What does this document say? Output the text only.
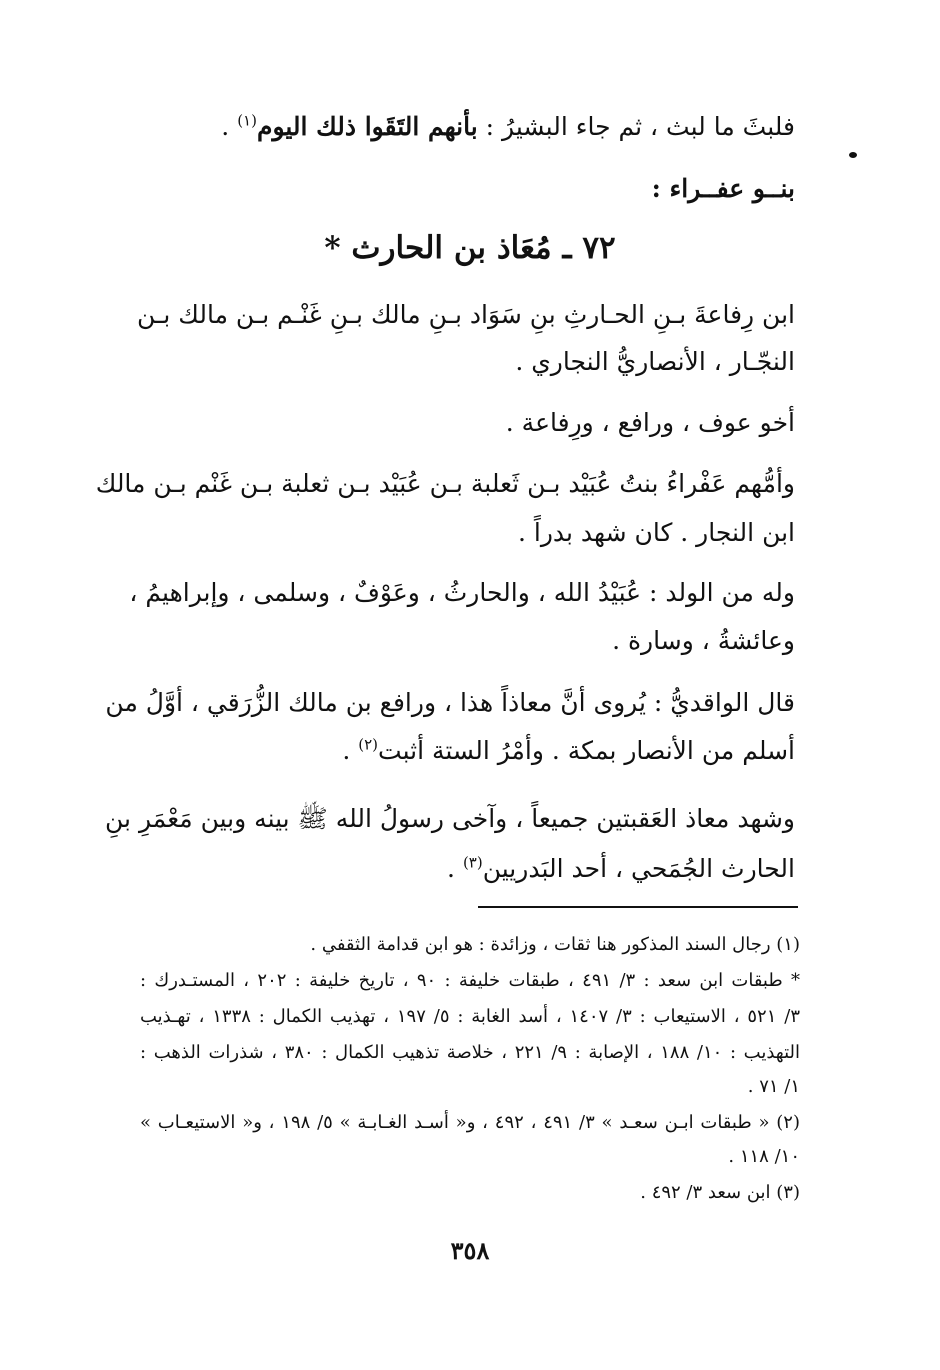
فلبثَ ما لبث ، ثم جاء البشيرُ : بأنهم التَقَوا ذلك اليوم$^{(١)}$ .
بنــو عفــراء :
٧٢ ـ مُعَاذ بن الحارث *
ابن رِفاعةَ بـنِ الحـارثِ بنِ سَوَاد بـنِ مالك بـنِ غَنْـم بـن مالك بـن
النجّـار ، الأنصاريُّ النجاري .
أخو عوف ، ورافع ، ورِفاعة .
وأمُّهم عَفْراءُ بنتُ عُبَيْد بـن ثَعلبة بـن عُبَيْد بـن ثعلبة بـن غَنْم بـن مالك
ابن النجار . كان شهد بدراً .
وله من الولد : عُبَيْدُ الله ، والحارثُ ، وعَوْفٌ ، وسلمى ، وإبراهيمُ ،
وعائشةُ ، وسارة .
قال الواقديُّ : يُروى أنَّ معاذاً هذا ، ورافع بن مالك الزُّرَقي ، أوَّلُ من
أسلم من الأنصار بمكة . وأمْرُ الستة أثبت$^{(٢)}$ .
وشهد معاذ العَقبتين جميعاً ، وآخى رسولُ الله ﷺ بينه وبين مَعْمَرِ بنِ
الحارث الجُمَحي ، أحد البَدريين$^{(٣)}$ .
(١) رجال السند المذكور هنا ثقات ، وزائدة : هو ابن قدامة الثقفي .
* طبقات ابن سعد : ٣/ ٤٩١ ، طبقات خليفة : ٩٠ ، تاريخ خليفة : ٢٠٢ ، المستـدرك :
٣/ ٥٢١ ، الاستيعاب : ٣/ ١٤٠٧ ، أسد الغابة : ٥/ ١٩٧ ، تهذيب الكمال : ١٣٣٨ ، تهـذيب
التهذيب : ١٠/ ١٨٨ ، الإصابة : ٩/ ٢٢١ ، خلاصة تذهيب الكمال : ٣٨٠ ، شذرات الذهب :
١/ ٧١ .
(٢) « طبقات ابـن سعـد » ٣/ ٤٩١ ، ٤٩٢ ، و« أسـد الغـابـة » ٥/ ١٩٨ ، و« الاستيعـاب »
١٠/ ١١٨ .
(٣) ابن سعد ٣/ ٤٩٢ .
٣٥٨
